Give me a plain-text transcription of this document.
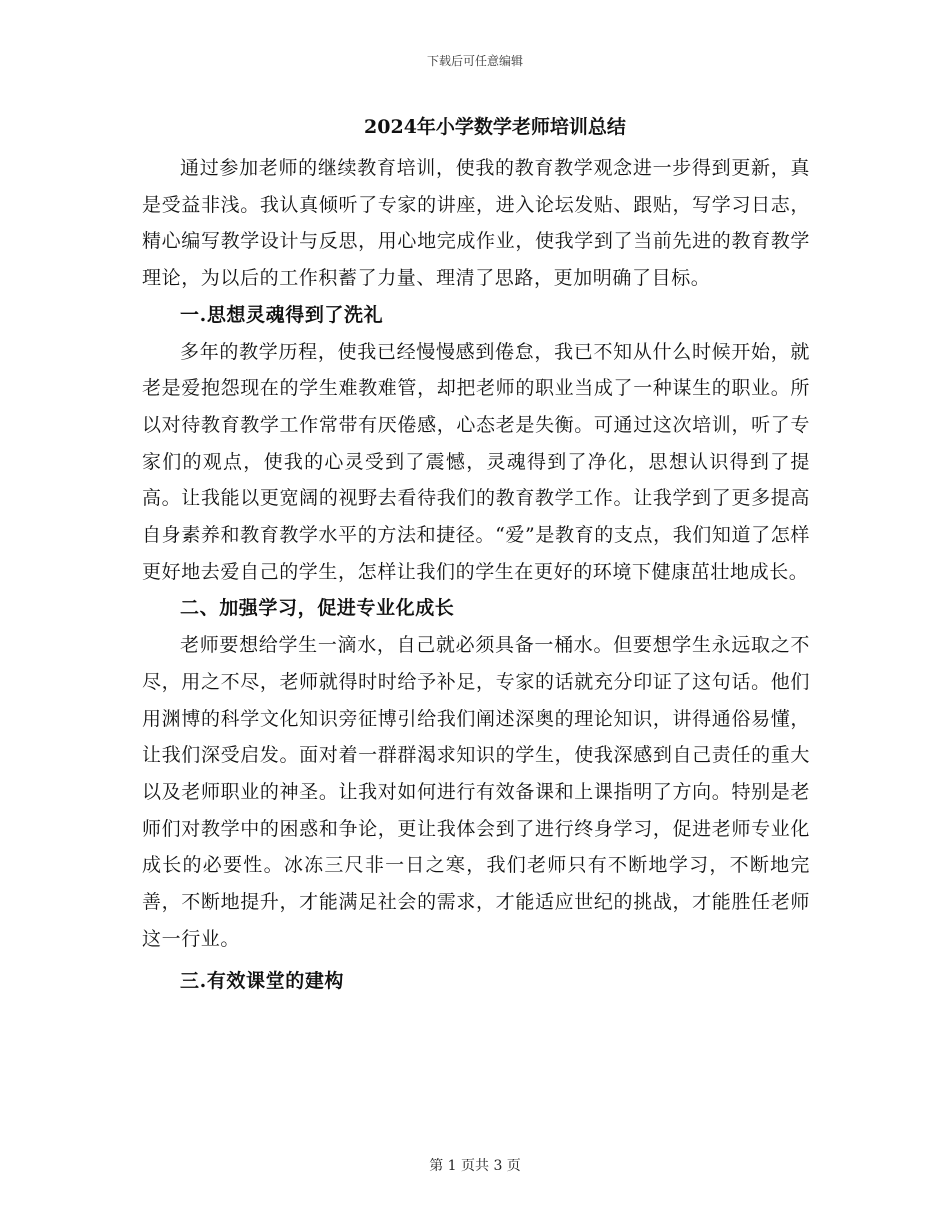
下载后可任意编辑
2024年小学数学老师培训总结

通过参加老师的继续教育培训，使我的教育教学观念进一步得到更新，真是受益非浅。我认真倾听了专家的讲座，进入论坛发贴、跟贴，写学习日志，精心编写教学设计与反思，用心地完成作业，使我学到了当前先进的教育教学理论，为以后的工作积蓄了力量、理清了思路，更加明确了目标。

一.思想灵魂得到了洗礼

多年的教学历程，使我已经慢慢感到倦怠，我已不知从什么时候开始，就老是爱抱怨现在的学生难教难管，却把老师的职业当成了一种谋生的职业。所以对待教育教学工作常带有厌倦感，心态老是失衡。可通过这次培训，听了专家们的观点，使我的心灵受到了震憾，灵魂得到了净化，思想认识得到了提高。让我能以更宽阔的视野去看待我们的教育教学工作。让我学到了更多提高自身素养和教育教学水平的方法和捷径。“爱”是教育的支点，我们知道了怎样更好地去爱自己的学生，怎样让我们的学生在更好的环境下健康茁壮地成长。

二、加强学习，促进专业化成长

老师要想给学生一滴水，自己就必须具备一桶水。但要想学生永远取之不尽，用之不尽，老师就得时时给予补足，专家的话就充分印证了这句话。他们用渊博的科学文化知识旁征博引给我们阐述深奥的理论知识，讲得通俗易懂，让我们深受启发。面对着一群群渴求知识的学生，使我深感到自己责任的重大以及老师职业的神圣。让我对如何进行有效备课和上课指明了方向。特别是老师们对教学中的困惑和争论，更让我体会到了进行终身学习，促进老师专业化成长的必要性。冰冻三尺非一日之寒，我们老师只有不断地学习，不断地完善，不断地提升，才能满足社会的需求，才能适应世纪的挑战，才能胜任老师这一行业。

三.有效课堂的建构
第 1 页共 3 页
